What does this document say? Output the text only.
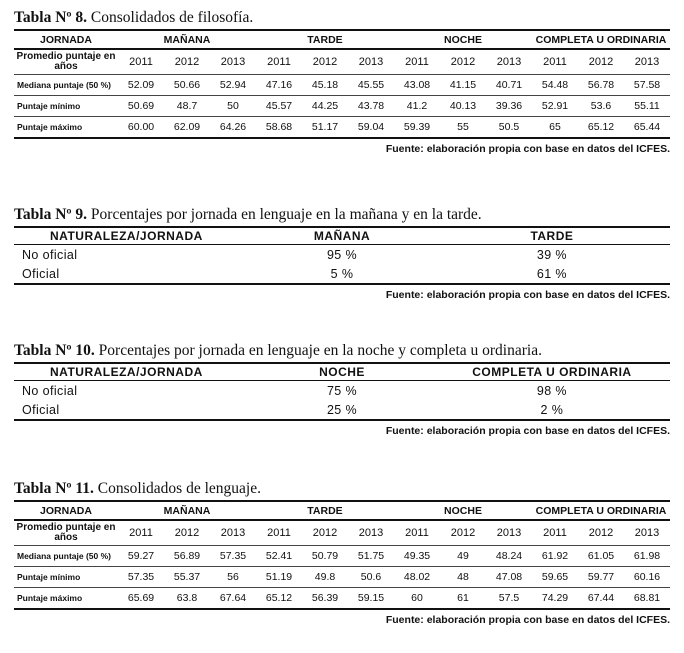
Tabla Nº 8. Consolidados de filosofía.

JORNADA	MAÑANA			TARDE			NOCHE			COMPLETA U ORDINARIA		
Promedio puntaje en años	2011	2012	2013	2011	2012	2013	2011	2012	2013	2011	2012	2013
Mediana puntaje (50 %)	52.09	50.66	52.94	47.16	45.18	45.55	43.08	41.15	40.71	54.48	56.78	57.58
Puntaje mínimo	50.69	48.7	50	45.57	44.25	43.78	41.2	40.13	39.36	52.91	53.6	55.11
Puntaje máximo	60.00	62.09	64.26	58.68	51.17	59.04	59.39	55	50.5	65	65.12	65.44
Fuente: elaboración propia con base en datos del ICFES.

Tabla Nº 9. Porcentajes por jornada en lenguaje en la mañana y en la tarde.

NATURALEZA/JORNADA	MAÑANA	TARDE
No oficial	95 %	39 %
Oficial	5 %	61 %
Fuente: elaboración propia con base en datos del ICFES.

Tabla Nº 10. Porcentajes por jornada en lenguaje en la noche y completa u ordinaria.

NATURALEZA/JORNADA	NOCHE	COMPLETA U ORDINARIA
No oficial	75 %	98 %
Oficial	25 %	2 %
Fuente: elaboración propia con base en datos del ICFES.

Tabla Nº 11. Consolidados de lenguaje.

JORNADA	MAÑANA			TARDE			NOCHE			COMPLETA U ORDINARIA		
Promedio puntaje en años	2011	2012	2013	2011	2012	2013	2011	2012	2013	2011	2012	2013
Mediana puntaje (50 %)	59.27	56.89	57.35	52.41	50.79	51.75	49.35	49	48.24	61.92	61.05	61.98
Puntaje mínimo	57.35	55.37	56	51.19	49.8	50.6	48.02	48	47.08	59.65	59.77	60.16
Puntaje máximo	65.69	63.8	67.64	65.12	56.39	59.15	60	61	57.5	74.29	67.44	68.81
Fuente: elaboración propia con base en datos del ICFES.
